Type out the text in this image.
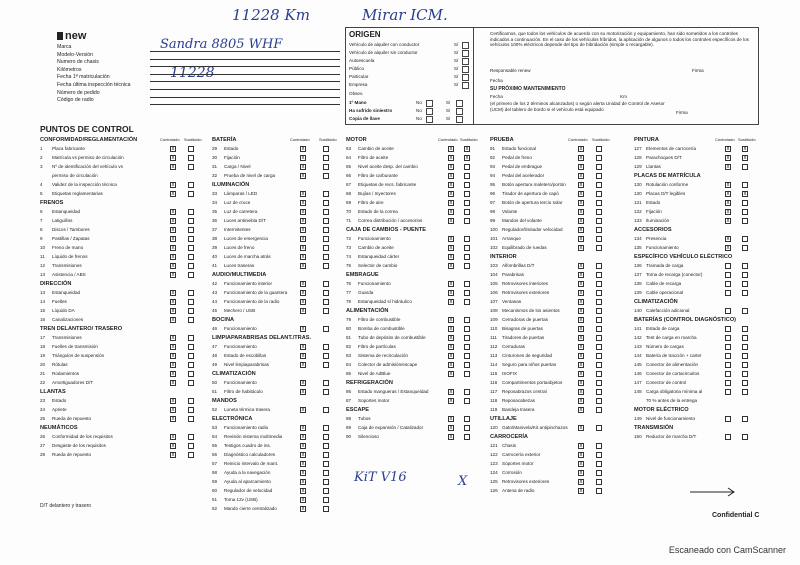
11228 Km	Mirar ICM.
Sandra 8805 WHF
11228
KiT V16	X
new
Marca
Modelo-Versión
Numero de chasis
Kilómetros
Fecha 1ª matriculación
Fecha última inspección técnica
Número de pedido
Código de radio
ORIGEN
Vehículo de alquiler con conductor	Sí
Vehículo de alquiler sin conductor	Sí
Autoescuela	Sí
Público	Sí
Particular	Sí
Empresa	Sí
Obsev.
1º Mano	No	Sí
Ha sufrido siniestro	No	Sí
Copia de llave	No	Sí
Certificamos, que todos los vehículos de acuerdo con su motorización y equipamiento, han sido sometidos a los controles indicados a continuación. En el caso de los vehículos híbridos, la aplicación de algunos o todos los controles específicos de los vehículos 100% eléctricos depende del tipo de hibridación (simple o recargable).
Responsable renew	Firma
Fecha
SU PRÓXIMO MANTENIMIENTO
Fecha	Km
(el primero de los 2 términos alcanzados) o según alerta Unidad de Control de Asesor (UCM) del tablero de bordo si el vehículo está equipado
Firma
PUNTOS DE CONTROL
Controlado Sustituido
CONFORMIDAD/REGLAMENTACIÓN
1 Placa fabricante	x
2 Matrícula vs permiso de circulación	x
3 Nº de identificación del vehículo vs	x
permiso de circulación
4 Validez de la inspección técnica	x
5 Etiquetas reglamentarias	x
FRENOS
6 Estanqueidad	x
7 Latiguillos	x
8 Discos / Tambores	x
9 Pastillas / Zapatas	x
10 Freno de mano	x
11 Líquido de frenos	x
12 Transmisiones	x
13 Asistencia / ABS	x
DIRECCIÓN
13 Estanqueidad	x
14 Fuelles	x
15 Líquido DA	x
16 Canalizaciones	x
TREN DELANTERO/ TRASERO
17 Transmisiones	x
18 Fuelles de transmisión	x
19 Triángulos de suspensión	x
20 Rótulas	x
21 Rodamientos	x
22 Amortiguadores D/T	x
LLANTAS
23 Estado	x
24 Apriete	x
25 Rueda de repuesto	x
NEUMÁTICOS
26 Conformidad de los requisitos	x
27 Desgaste de los requisitos	x
28 Rueda de repuesto	x
Controlado Sustituido
BATERÍA
29 Estado	x
30 Fijación	x
31 Carga / Nivel	x
32 Prueba de nivel de carga	x
ILUMINACIÓN
33 Lámparas / LED	x
34 Luz de cruce	x
35 Luz de carretera	x
36 Luces antiniebla D/T	x
37 Intermitentes	x
38 Luces de emergencia	x
39 Luces de freno	x
40 Luces de marcha atrás	x
41 Luces traseras	x
AUDIO/MULTIMEDIA
42 Funcionamiento interior	x
43 Funcionamiento de la guantera x
44 Funcionamiento de la radio	x
45 Mechero / USB	x
BOCINA
46 Funcionamiento	x
LIMPIAPARABRISAS DELANT./TRAS.
47 Funcionamiento	x
48 Estado de escobillas	x
49 Nivel limpiaparabrisas	x
CLIMATIZACIÓN
50 Funcionamiento	x
51 Filtro de habitáculo	x
MANDOS
52 Luneta térmica trasera	x
ELECTRÓNICA
53 Funcionamiento radio	x
54 Revisión sistema multimedia	x
55 Testigos cuadro de ins.	x
56 Diagnóstico calculadores	x
57 Reinicio intervalo de mant.	x
58 Ayuda a la navegación	x
59 Ayuda al aparcamiento	x
60 Regulador de velocidad	x
61 Toma 12v (USB)	x
62 Mando cierre centralizado	x
Controlado Sustituido
MOTOR
63 Cambio de aceite	x x
64 Filtro de aceite	x x
65 Nivel aceite desp. del cambio	x
66 Filtro de carburante	x
67 Etiquetas de recs. fabricante	x
68 Bujías / Inyectores	x
69 Filtro de aire	x
70 Estado de la correa	x
71 Correa distribución / accesorios	x
CAJA DE CAMBIOS - PUENTE
72 Funcionamiento	x
73 Cambio de aceite	x
74 Estanqueidad cárter	x
75 Selector de cambio	x
EMBRAGUE
76 Funcionamiento	x
77 Guarda	x
78 Estanqueidad sí hidráulico	x
ALIMENTACIÓN
79 Filtro de combustible	x
80 Bomba de combustible	x
81 Tubo de depósito de combustible	x
82 Filtro de partículas	x
83 Sistema de recirculación	x
84 Colector de admisión/escape	x
85 Nivel de AdBlue	x
REFRIGERACIÓN
86 Estado mangueras / Estanqueidad	x
87 Soportes motor	x
ESCAPE
88 Tubos	x
89 Caja de expansión / Catalizador	x
90 Silencioso	x
Controlado Sustituido
PRUEBA
91 Estado funcional	x
92 Pedal de freno	x
93 Pedal de embrague	x
94 Pedal del acelerador	x
95 Botón apertura maletero/portón x
96 Tirador de apertura de capó	x
97 Botón de apertura tercio solar	x
98 Volante	x
99 Mandos del volante	x
100 Regulador/limitador velocidad	x
101 Arranque	x
102 Equilibrado de ruedas	x
INTERIOR
103 Alfombrillas D/T	x
104 Parabrisas	x
105 Retrovisores interiores	x
106 Retrovisores exteriores	x
107 Ventanas	x
108 Mecanismos de los asientos	x
109 Cerradoras de puertas	x
110 Bisagras de puertas	x
111 Tiradores de puertas	x
112 Cerraduras	x
113 Cinturones de seguridad	x
114 Seguro para niños puertas	x
115 ISOFIX	x
116 Compartimentos portaobjetos	x
117 Reposabrazos central	x
118 Reposacabezas	x
119 Bandeja trasera	x
UTILLAJE
120 Gato/Manivela/Kit antipinchazos x
CARROCERÍA
121 Chasis	x
122 Carrocería exterior	x
123 Soportes motor	x
124 Corrosión	x
125 Retrovisores exteriores	x
126 Antena de radio	x
Controlado Sustituido
PINTURA
127 Elementos de carrocería	x x
128 Parachoques D/T	x x
129 Llantas	x
PLACAS DE MATRÍCULA
130 Rotulación conforme	x
130 Placas D/T legibles	x x
131 Estado	x
132 Fijación	x
133 Iluminación	x
ACCESORIOS
134 Presencia	x
135 Funcionamiento	x
ESPECÍFICO VEHÍCULO ELÉCTRICO
136 Tramada de carga
137 Toma de recarga (conector)
138 Cable de recarga
139 Cable operacional
CLIMATIZACIÓN
140 Calefacción adicional
BATERÍAS (CONTROL DIAGNÓSTICO)
141 Estado de carga
142 Test de carga en marcha
143 Número de cargas
144 Batería de tracción + carter
145 Conector de alimentación
146 Conector de cortacircuitos
147 Conector de control
148 Carga obligatoria mínima al
70 % antes de la entrega
MOTOR ELÉCTRICO
149 Nivel de funcionamiento
TRANSMISIÓN
150 Reductor de marcha D/T
D/T delantero y trasero
Confidential C
Escaneado con CamScanner
